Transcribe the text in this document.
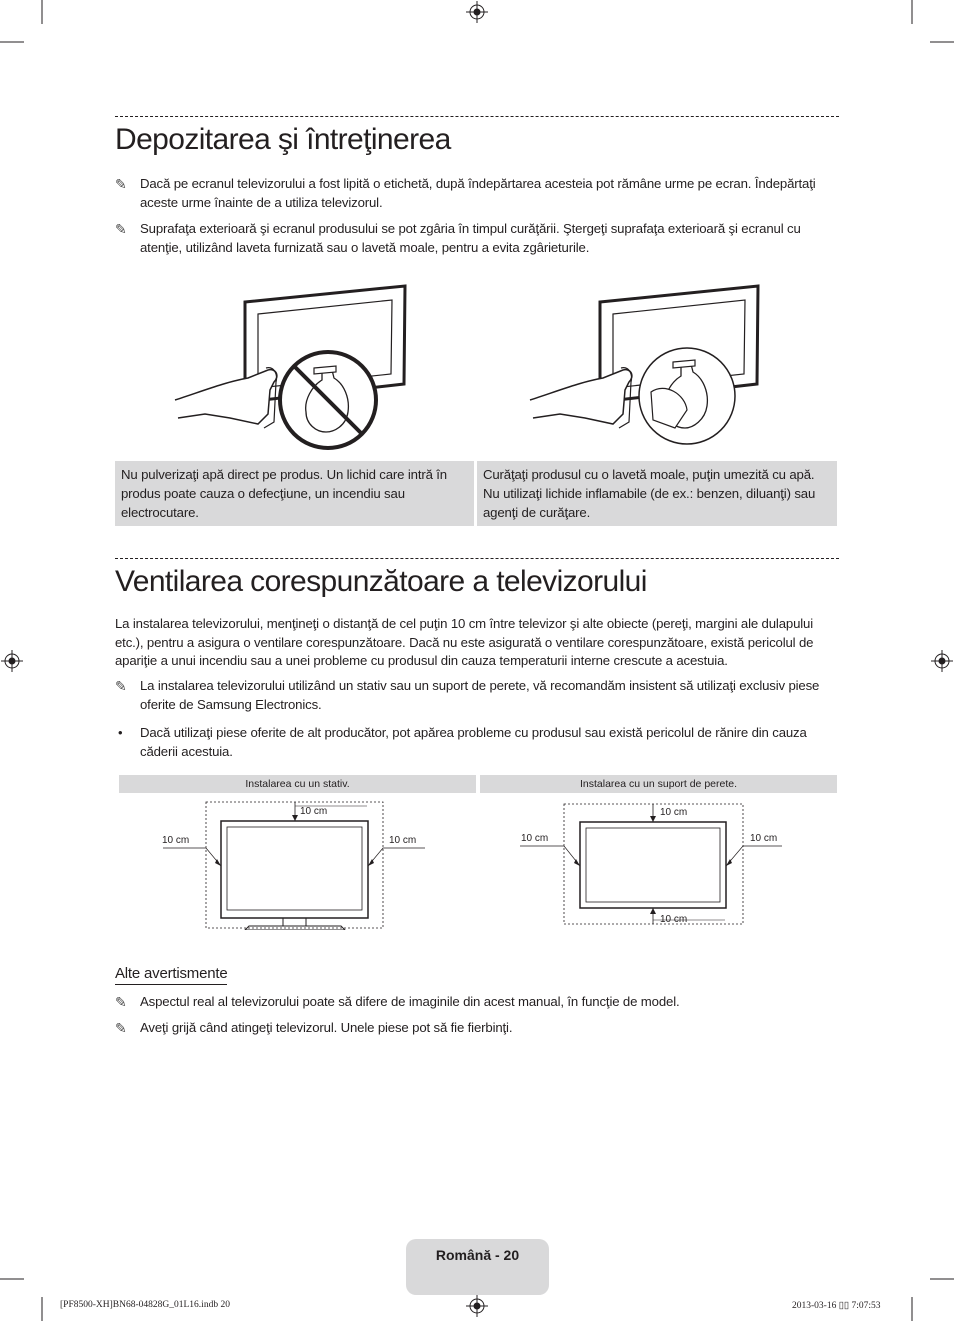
Depozitarea şi întreţinerea
✎	Dacă pe ecranul televizorului a fost lipită o etichetă, după îndepărtarea acesteia pot rămâne urme pe ecran. Îndepărtaţi aceste urme înainte de a utiliza televizorul.
✎	Suprafaţa exterioară şi ecranul produsului se pot zgâria în timpul curăţării. Ştergeţi suprafaţa exterioară şi ecranul cu atenţie, utilizând laveta furnizată sau o lavetă moale, pentru a evita zgârieturile.
Nu pulverizaţi apă direct pe produs. Un lichid care intră în produs poate cauza o defecţiune, un incendiu sau electrocutare.
Curăţaţi produsul cu o lavetă moale, puţin umezită cu apă. Nu utilizaţi lichide inflamabile (de ex.: benzen, diluanţi) sau agenţi de curăţare.
Ventilarea corespunzătoare a televizorului
La instalarea televizorului, menţineţi o distanţă de cel puţin 10 cm între televizor şi alte obiecte (pereţi, margini ale dulapului etc.), pentru a asigura o ventilare corespunzătoare. Dacă nu este asigurată o ventilare corespunzătoare, există pericolul de apariţie a unui incendiu sau a unei probleme cu produsul din cauza temperaturii interne crescute a acestuia.
✎	La instalarea televizorului utilizând un stativ sau un suport de perete, vă recomandăm insistent să utilizaţi exclusiv piese oferite de Samsung Electronics.
•	Dacă utilizaţi piese oferite de alt producător, pot apărea probleme cu produsul sau există pericolul de rănire din cauza căderii acestuia.
Instalarea cu un stativ.	Instalarea cu un suport de perete.
10 cm
10 cm	10 cm
10 cm
10 cm	10 cm
10 cm
Alte avertismente
✎	Aspectul real al televizorului poate să difere de imaginile din acest manual, în funcţie de model.
✎	Aveţi grijă când atingeţi televizorul. Unele piese pot să fie fierbinţi.
Română - 20
[PF8500-XH]BN68-04828G_01L16.indb 20	2013-03-16 ▯▯ 7:07:53
